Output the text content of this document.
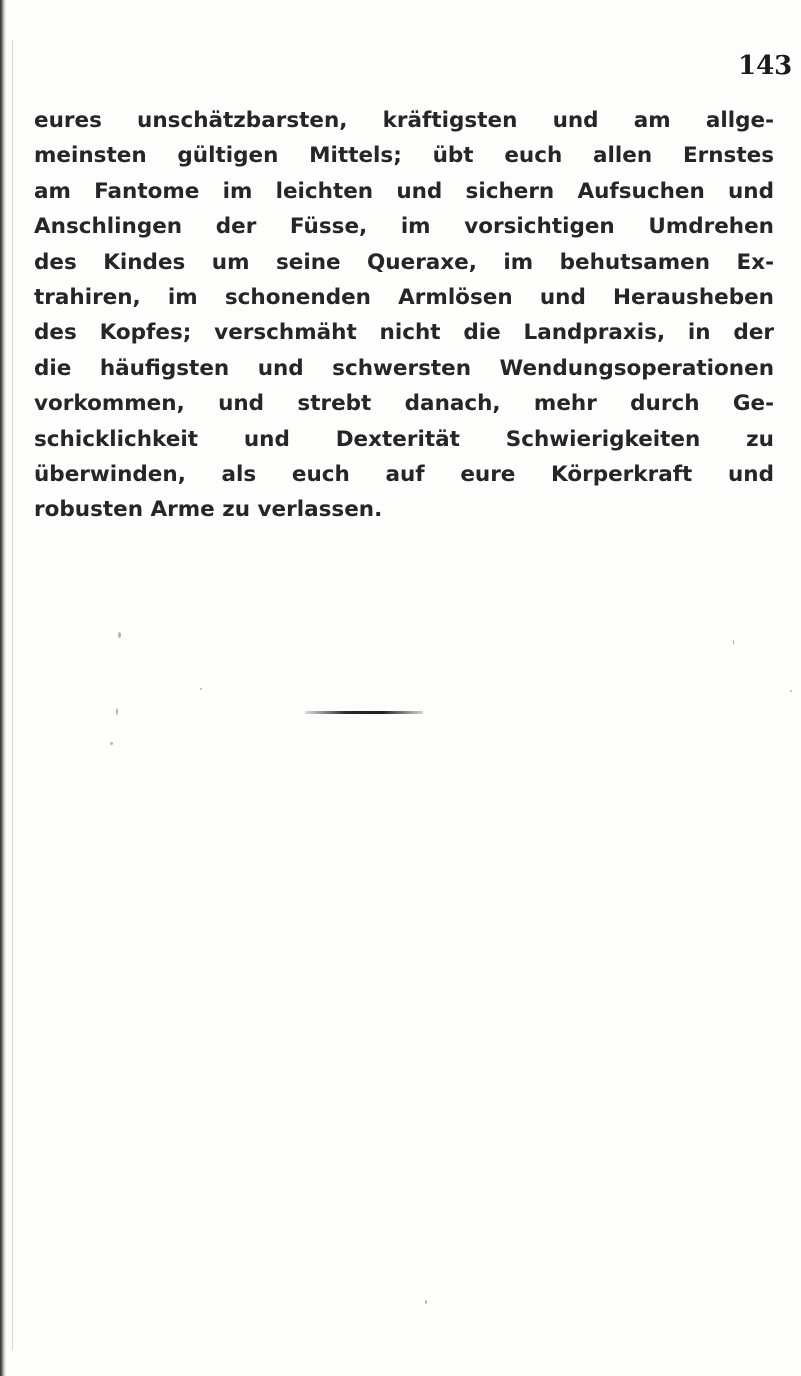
143
eures unschätzbarsten, kräftigsten und am allge-
meinsten gültigen Mittels; übt euch allen Ernstes
am Fantome im leichten und sichern Aufsuchen und
Anschlingen der Füsse, im vorsichtigen Umdrehen
des Kindes um seine Queraxe, im behutsamen Ex-
trahiren, im schonenden Armlösen und Herausheben
des Kopfes; verschmäht nicht die Landpraxis, in der
die häufigsten und schwersten Wendungsoperationen
vorkommen, und strebt danach, mehr durch Ge-
schicklichkeit und Dexterität Schwierigkeiten zu
überwinden, als euch auf eure Körperkraft und
robusten Arme zu verlassen.
